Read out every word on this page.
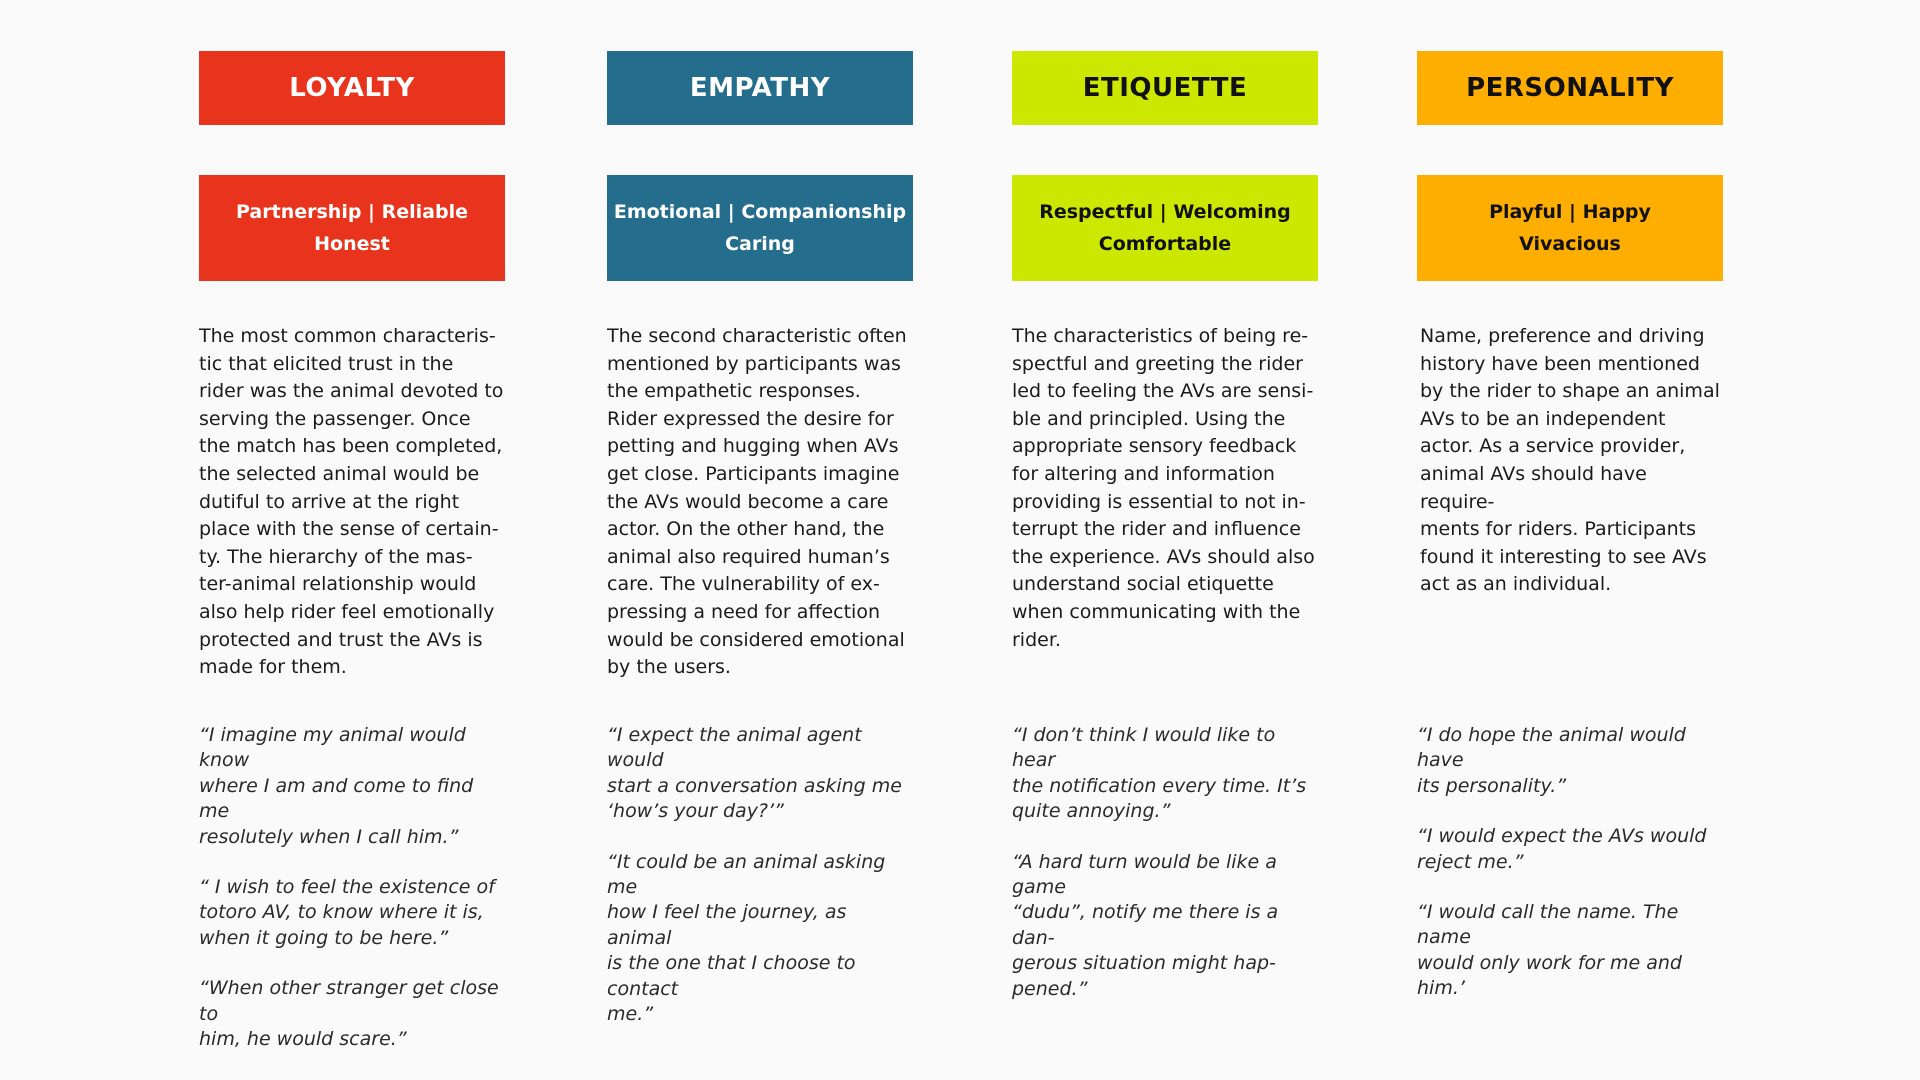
LOYALTY
Partnership | Reliable
Honest
The most common characteris-
tic that elicited trust in the
rider was the animal devoted to
serving the passenger. Once
the match has been completed,
the selected animal would be
dutiful to arrive at the right
place with the sense of certain-
ty. The hierarchy of the mas-
ter-animal relationship would
also help rider feel emotionally
protected and trust the AVs is
made for them.
“I imagine my animal would know
where I am and come to find me
resolutely when I call him.”
“ I wish to feel the existence of
totoro AV, to know where it is,
when it going to be here.”
“When other stranger get close to
him, he would scare.”
EMPATHY
Emotional | Companionship
Caring
The second characteristic often
mentioned by participants was
the empathetic responses.
Rider expressed the desire for
petting and hugging when AVs
get close. Participants imagine
the AVs would become a care
actor. On the other hand, the
animal also required human’s
care. The vulnerability of ex-
pressing a need for affection
would be considered emotional
by the users.
“I expect the animal agent would
start a conversation asking me
‘how’s your day?’”
“It could be an animal asking me
how I feel the journey, as animal
is the one that I choose to contact
me.”
ETIQUETTE
Respectful | Welcoming
Comfortable
The characteristics of being re-
spectful and greeting the rider
led to feeling the AVs are sensi-
ble and principled. Using the
appropriate sensory feedback
for altering and information
providing is essential to not in-
terrupt the rider and influence
the experience. AVs should also
understand social etiquette
when communicating with the
rider.
“I don’t think I would like to hear
the notification every time. It’s
quite annoying.”
“A hard turn would be like a game
“dudu”, notify me there is a dan-
gerous situation might hap-
pened.”
PERSONALITY
Playful | Happy
Vivacious
Name, preference and driving
history have been mentioned
by the rider to shape an animal
AVs to be an independent
actor. As a service provider,
animal AVs should have require-
ments for riders. Participants
found it interesting to see AVs
act as an individual.
“I do hope the animal would have
its personality.”
“I would expect the AVs would
reject me.”
“I would call the name. The name
would only work for me and him.’
